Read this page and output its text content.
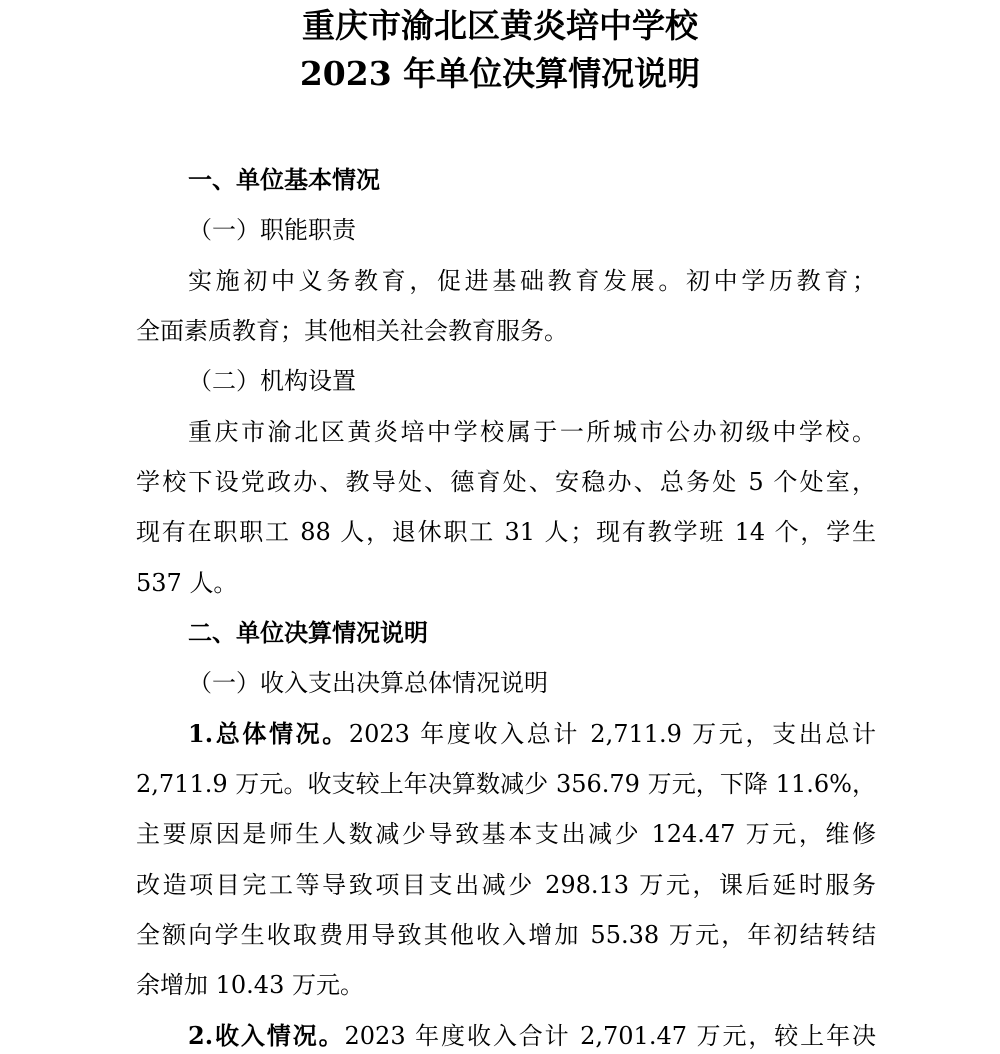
重庆市渝北区黄炎培中学校
2023 年单位决算情况说明
一、单位基本情况
（一）职能职责
实施初中义务教育，促进基础教育发展。初中学历教育；
全面素质教育；其他相关社会教育服务。
（二）机构设置
重庆市渝北区黄炎培中学校属于一所城市公办初级中学校。
学校下设党政办、教导处、德育处、安稳办、总务处 5 个处室，
现有在职职工 88 人，退休职工 31 人；现有教学班 14 个，学生
537 人。
二、单位决算情况说明
（一）收入支出决算总体情况说明
1.总体情况。2023 年度收入总计 2,711.9 万元，支出总计
2,711.9 万元。收支较上年决算数减少 356.79 万元，下降 11.6%，
主要原因是师生人数减少导致基本支出减少 124.47 万元，维修
改造项目完工等导致项目支出减少 298.13 万元，课后延时服务
全额向学生收取费用导致其他收入增加 55.38 万元，年初结转结
余增加 10.43 万元。
2.收入情况。2023 年度收入合计 2,701.47 万元，较上年决
